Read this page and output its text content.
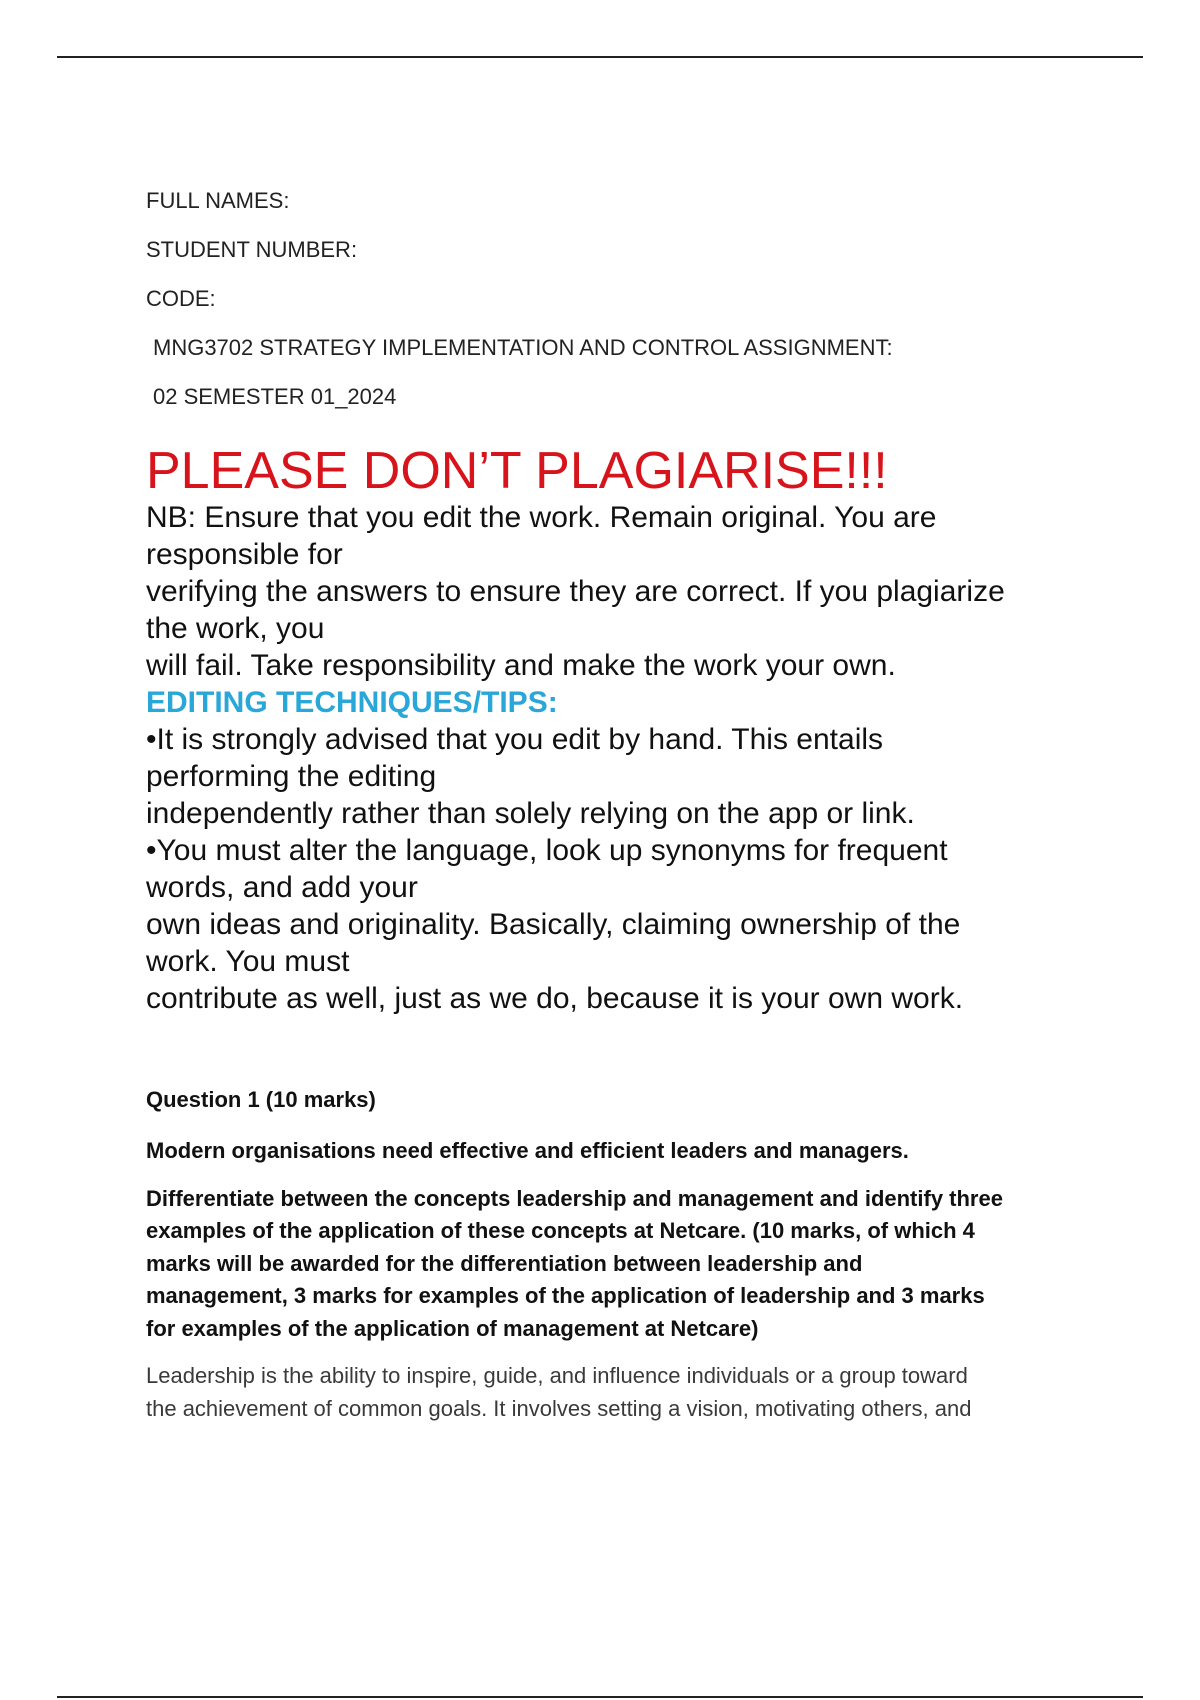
FULL NAMES:
STUDENT NUMBER:
CODE:
MNG3702 STRATEGY IMPLEMENTATION AND CONTROL ASSIGNMENT:
02 SEMESTER 01_2024
PLEASE DON’T PLAGIARISE!!!
NB: Ensure that you edit the work. Remain original. You are
responsible for
verifying the answers to ensure they are correct. If you plagiarize
the work, you
will fail. Take responsibility and make the work your own.
EDITING TECHNIQUES/TIPS:
•It is strongly advised that you edit by hand. This entails
performing the editing
independently rather than solely relying on the app or link.
•You must alter the language, look up synonyms for frequent
words, and add your
own ideas and originality. Basically, claiming ownership of the
work. You must
contribute as well, just as we do, because it is your own work.
Question 1 (10 marks)
Modern organisations need effective and efficient leaders and managers.
Differentiate between the concepts leadership and management and identify three
examples of the application of these concepts at Netcare. (10 marks, of which 4
marks will be awarded for the differentiation between leadership and
management, 3 marks for examples of the application of leadership and 3 marks
for examples of the application of management at Netcare)
Leadership is the ability to inspire, guide, and influence individuals or a group toward
the achievement of common goals. It involves setting a vision, motivating others, and
